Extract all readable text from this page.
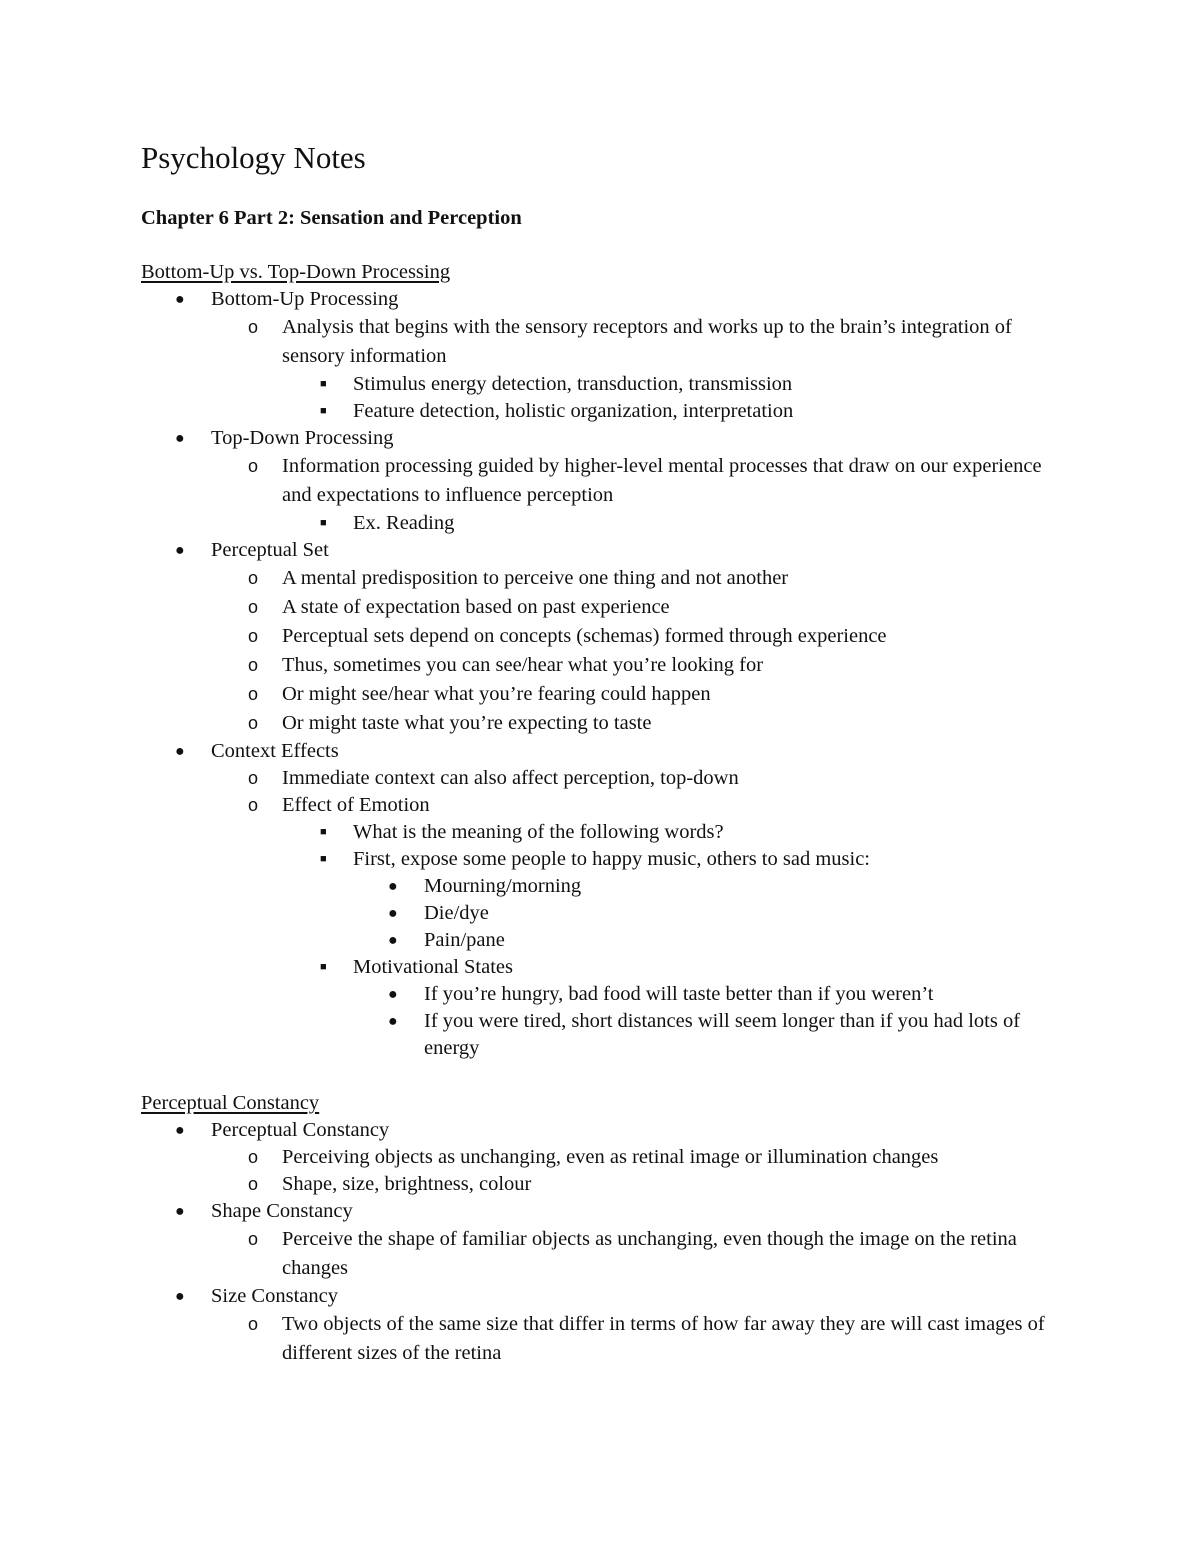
Psychology Notes
Chapter 6 Part 2: Sensation and Perception
Bottom-Up vs. Top-Down Processing
● Bottom-Up Processing
o Analysis that begins with the sensory receptors and works up to the brain’s integration of sensory information
■ Stimulus energy detection, transduction, transmission
■ Feature detection, holistic organization, interpretation
● Top-Down Processing
o Information processing guided by higher-level mental processes that draw on our experience and expectations to influence perception
■ Ex. Reading
● Perceptual Set
o A mental predisposition to perceive one thing and not another
o A state of expectation based on past experience
o Perceptual sets depend on concepts (schemas) formed through experience
o Thus, sometimes you can see/hear what you’re looking for
o Or might see/hear what you’re fearing could happen
o Or might taste what you’re expecting to taste
● Context Effects
o Immediate context can also affect perception, top-down
o Effect of Emotion
■ What is the meaning of the following words?
■ First, expose some people to happy music, others to sad music:
● Mourning/morning
● Die/dye
● Pain/pane
■ Motivational States
● If you’re hungry, bad food will taste better than if you weren’t
● If you were tired, short distances will seem longer than if you had lots of energy
Perceptual Constancy
● Perceptual Constancy
o Perceiving objects as unchanging, even as retinal image or illumination changes
o Shape, size, brightness, colour
● Shape Constancy
o Perceive the shape of familiar objects as unchanging, even though the image on the retina changes
● Size Constancy
o Two objects of the same size that differ in terms of how far away they are will cast images of different sizes of the retina
